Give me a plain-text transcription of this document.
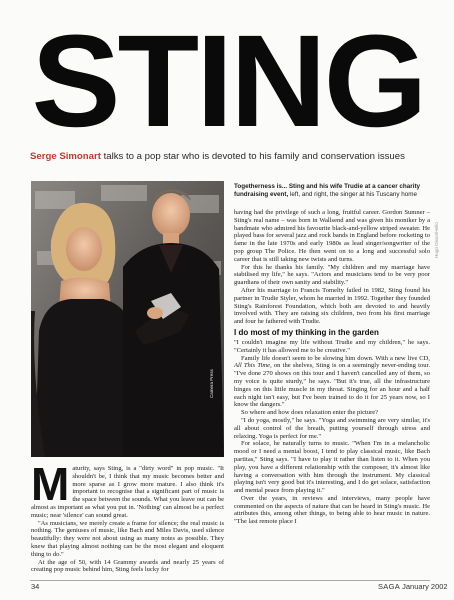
STING
Serge Simonart talks to a pop star who is devoted to his family and conservation issues
Camera Press
Hugo Dixon/Hello
Togetherness is... Sting and his wife Trudie at a cancer charity fundraising event, left, and right, the singer at his Tuscany home

having had the privilege of such a long, fruitful career. Gordon Sumner – Sting's real name – was born in Wallsend and was given his moniker by a bandmate who admired his favourite black-and-yellow striped sweater. He played bass for several jazz and rock bands in England before rocketing to fame in the late 1970s and early 1980s as lead singer/songwriter of the pop group The Police. He then went on to a long and successful solo career that is still taking new twists and turns.

For this he thanks his family. "My children and my marriage have stabilised my life," he says. "Actors and musicians tend to be very poor guardians of their own sanity and stability."

After his marriage to Francis Tomelty failed in 1982, Sting found his partner in Trudie Styler, whom he married in 1992. Together they founded Sting's Rainforest Foundation, which both are devoted to and heavily involved with. They are raising six children, two from his first marriage and four he fathered with Trudie.

I do most of my thinking in the garden

"I couldn't imagine my life without Trudie and my children," he says. "Certainly it has allowed me to be creative."

Family life doesn't seem to be slowing him down. With a new live CD, All This Time, on the shelves, Sting is on a seemingly never-ending tour. "I've done 270 shows on this tour and I haven't cancelled any of them, so my voice is quite sturdy," he says. "But it's true, all the infrastructure hinges on this little muscle in my throat. Singing for an hour and a half each night isn't easy, but I've been trained to do it for 25 years now, so I know the dangers."

So where and how does relaxation enter the picture?

"I do yoga, mostly," he says. "Yoga and swimming are very similar, it's all about control of the breath, putting yourself through stress and relaxing. Yoga is perfect for me."

For solace, he naturally turns to music. "When I'm in a melancholic mood or I need a mental boost, I tend to play classical music, like Bach partitas," Sting says. "I have to play it rather than listen to it. When you play, you have a different relationship with the composer, it's almost like having a conversation with him through the instrument. My classical playing isn't very good but it's interesting, and I do get solace, satisfaction and mental peace from playing it."

Over the years, in reviews and interviews, many people have commented on the aspects of nature that can be heard in Sting's music. He attributes this, among other things, to being able to hear music in nature. "The last remote place I

Maturity, says Sting, is a "dirty word" in pop music. "It shouldn't be, I think that my music becomes better and more sparse as I grow more mature. I also think it's important to recognise that a significant part of music is the space between the sounds. What you leave out can be almost as important as what you put in. 'Nothing' can almost be a perfect music; near 'silence' can sound great.

"As musicians, we merely create a frame for silence; the real music is nothing. The geniuses of music, like Bach and Miles Davis, used silence beautifully: they were not about using as many notes as possible. They knew that playing almost nothing can be the most elegant and eloquent thing to do."

At the age of 50, with 14 Grammy awards and nearly 25 years of creating pop music behind him, Sting feels lucky for

34	SAGA January 2002
